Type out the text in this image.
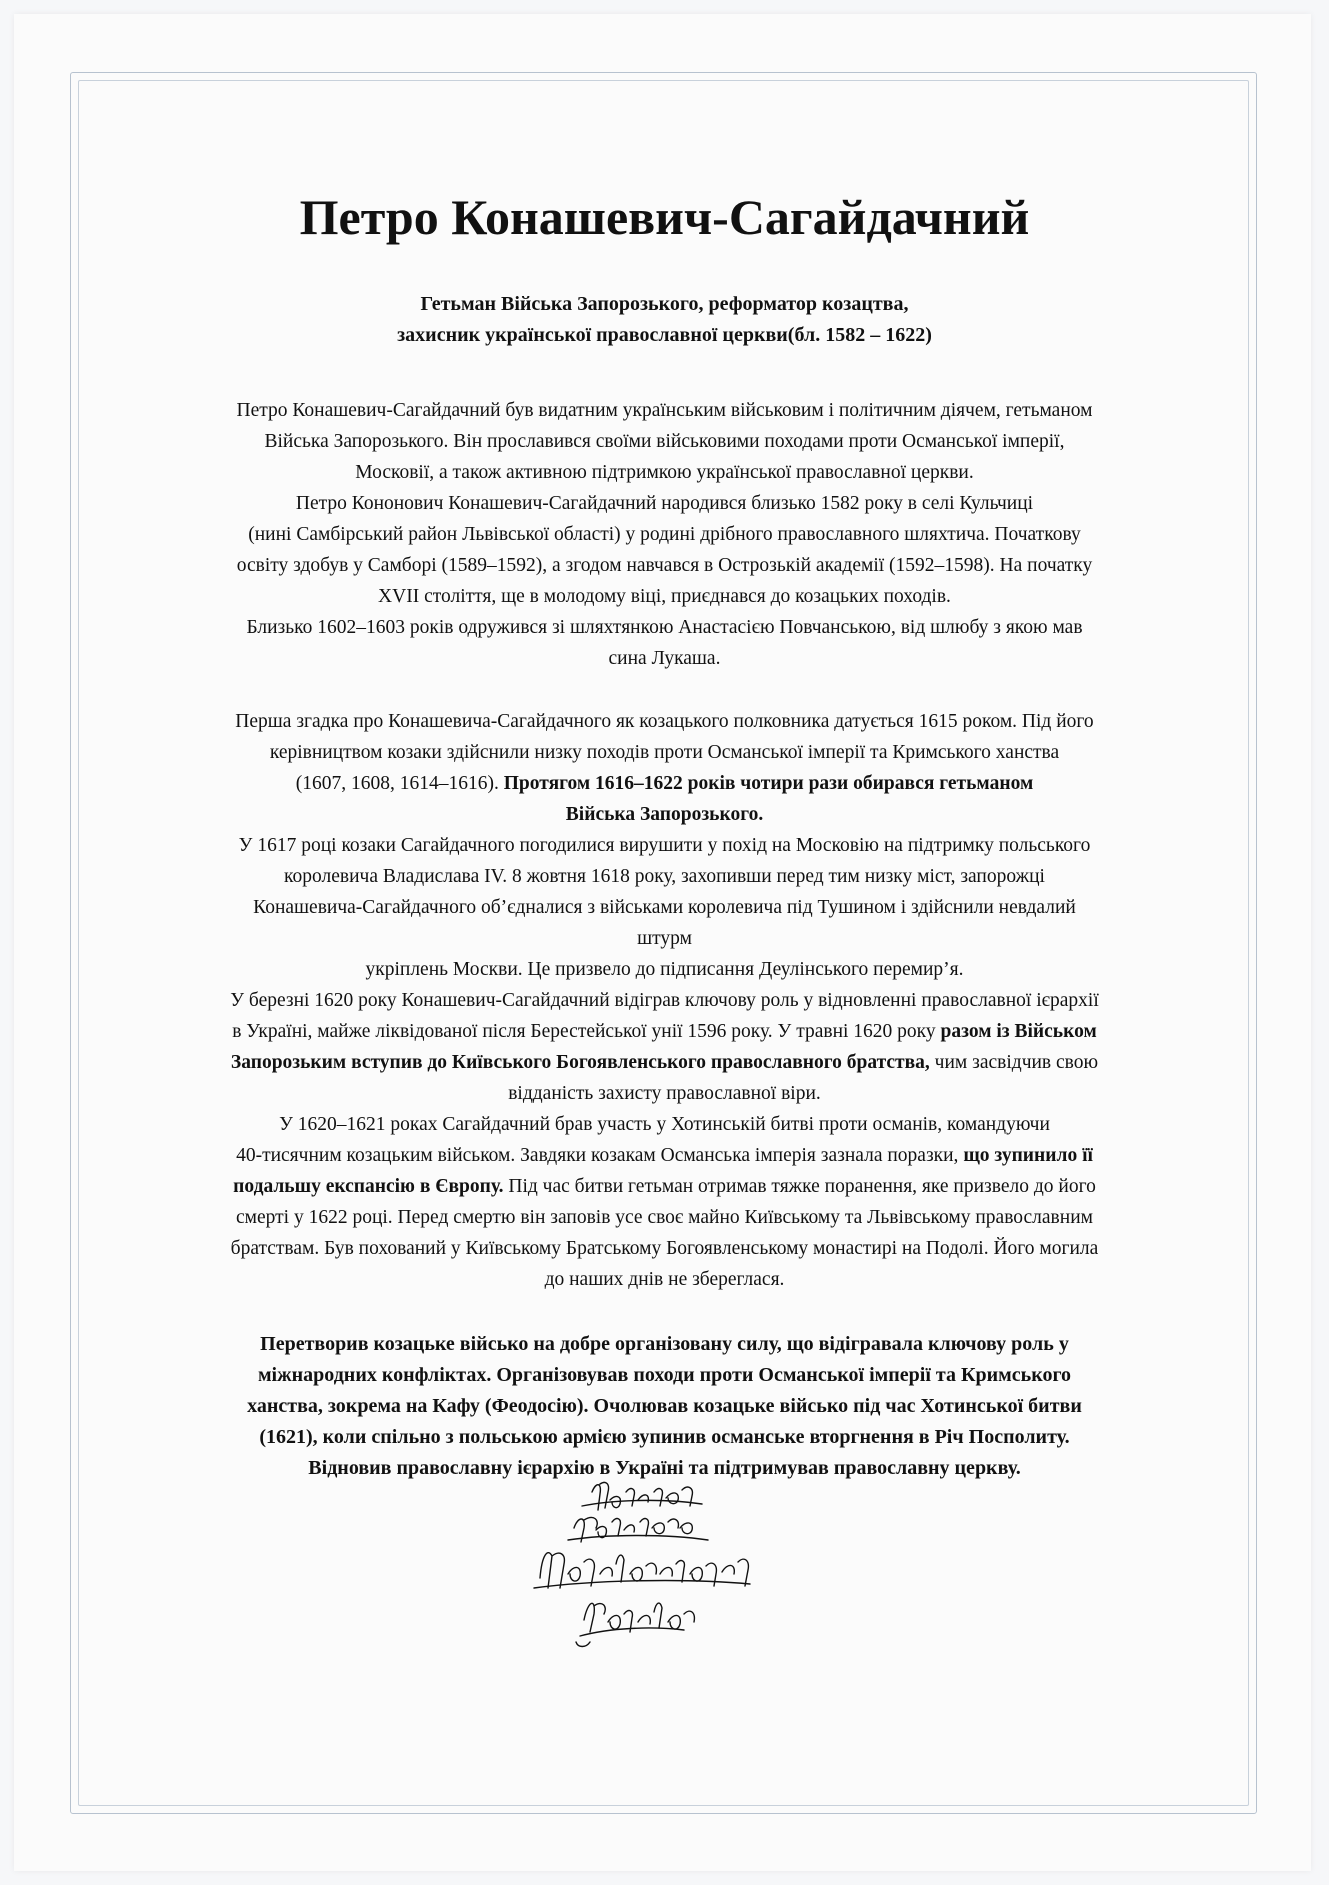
Петро Конашевич-Сагайдачний
Гетьман Війська Запорозького, реформатор козацтва,
захисник української православної церкви(бл. 1582 – 1622)
Петро Конашевич-Сагайдачний був видатним українським військовим і політичним діячем, гетьманом
Війська Запорозького. Він прославився своїми військовими походами проти Османської імперії,
Московії, а також активною підтримкою української православної церкви.
Петро Кононович Конашевич-Сагайдачний народився близько 1582 року в селі Кульчиці
(нині Самбірський район Львівської області) у родині дрібного православного шляхтича. Початкову
освіту здобув у Самборі (1589–1592), а згодом навчався в Острозькій академії (1592–1598). На початку
XVII століття, ще в молодому віці, приєднався до козацьких походів.
Близько 1602–1603 років одружився зі шляхтянкою Анастасією Повчанською, від шлюбу з якою мав
сина Лукаша.
Перша згадка про Конашевича-Сагайдачного як козацького полковника датується 1615 роком. Під його
керівництвом козаки здійснили низку походів проти Османської імперії та Кримського ханства
(1607, 1608, 1614–1616). Протягом 1616–1622 років чотири рази обирався гетьманом
Війська Запорозького.
У 1617 році козаки Сагайдачного погодилися вирушити у похід на Московію на підтримку польського
королевича Владислава IV. 8 жовтня 1618 року, захопивши перед тим низку міст, запорожці
Конашевича-Сагайдачного об’єдналися з військами королевича під Тушином і здійснили невдалий
штурм
укріплень Москви. Це призвело до підписання Деулінського перемир’я.
У березні 1620 року Конашевич-Сагайдачний відіграв ключову роль у відновленні православної ієрархії
в Україні, майже ліквідованої після Берестейської унії 1596 року. У травні 1620 року разом із Військом
Запорозьким вступив до Київського Богоявленського православного братства, чим засвідчив свою
відданість захисту православної віри.
У 1620–1621 роках Сагайдачний брав участь у Хотинській битві проти османів, командуючи
40-тисячним козацьким військом. Завдяки козакам Османська імперія зазнала поразки, що зупинило її
подальшу експансію в Європу. Під час битви гетьман отримав тяжке поранення, яке призвело до його
смерті у 1622 році. Перед смертю він заповів усе своє майно Київському та Львівському православним
братствам. Був похований у Київському Братському Богоявленському монастирі на Подолі. Його могила
до наших днів не збереглася.
Перетворив козацьке військо на добре організовану силу, що відігравала ключову роль у
міжнародних конфліктах. Організовував походи проти Османської імперії та Кримського
ханства, зокрема на Кафу (Феодосію). Очолював козацьке військо під час Хотинської битви
(1621), коли спільно з польською армією зупинив османське вторгнення в Річ Посполиту.
Відновив православну ієрархію в Україні та підтримував православну церкву.
